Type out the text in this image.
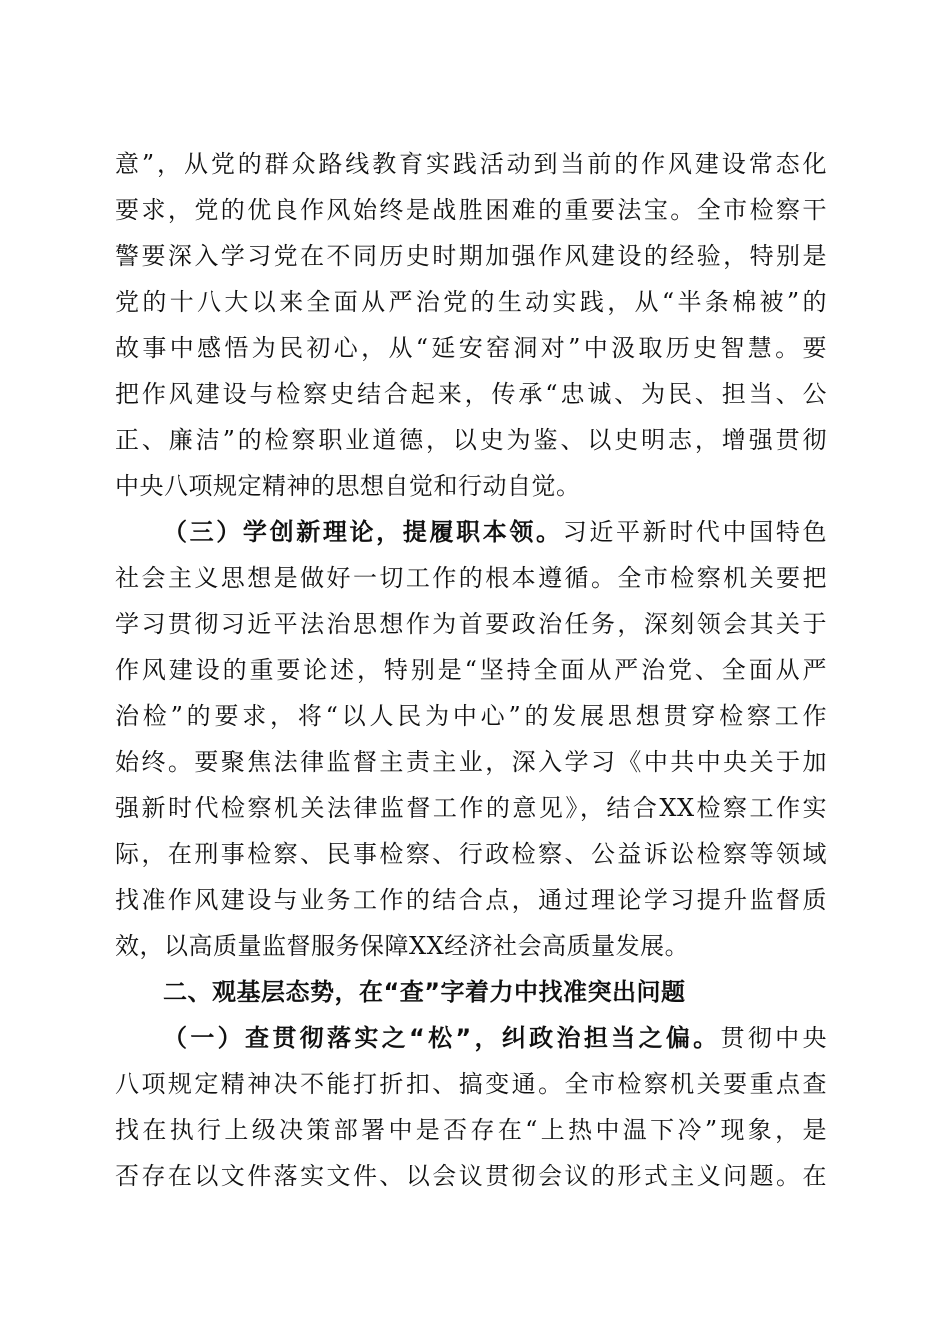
意”，从党的群众路线教育实践活动到当前的作风建设常态化
要求，党的优良作风始终是战胜困难的重要法宝。全市检察干
警要深入学习党在不同历史时期加强作风建设的经验，特别是
党的十八大以来全面从严治党的生动实践，从“半条棉被”的
故事中感悟为民初心，从“延安窑洞对”中汲取历史智慧。要
把作风建设与检察史结合起来，传承“忠诚、为民、担当、公
正、廉洁”的检察职业道德，以史为鉴、以史明志，增强贯彻
中央八项规定精神的思想自觉和行动自觉。
（三）学创新理论，提履职本领。习近平新时代中国特色
社会主义思想是做好一切工作的根本遵循。全市检察机关要把
学习贯彻习近平法治思想作为首要政治任务，深刻领会其关于
作风建设的重要论述，特别是“坚持全面从严治党、全面从严
治检”的要求，将“以人民为中心”的发展思想贯穿检察工作
始终。要聚焦法律监督主责主业，深入学习《中共中央关于加
强新时代检察机关法律监督工作的意见》，结合XX检察工作实
际，在刑事检察、民事检察、行政检察、公益诉讼检察等领域
找准作风建设与业务工作的结合点，通过理论学习提升监督质
效，以高质量监督服务保障XX经济社会高质量发展。
二、观基层态势，在“查”字着力中找准突出问题
（一）查贯彻落实之“松”，纠政治担当之偏。贯彻中央
八项规定精神决不能打折扣、搞变通。全市检察机关要重点查
找在执行上级决策部署中是否存在“上热中温下冷”现象，是
否存在以文件落实文件、以会议贯彻会议的形式主义问题。在
